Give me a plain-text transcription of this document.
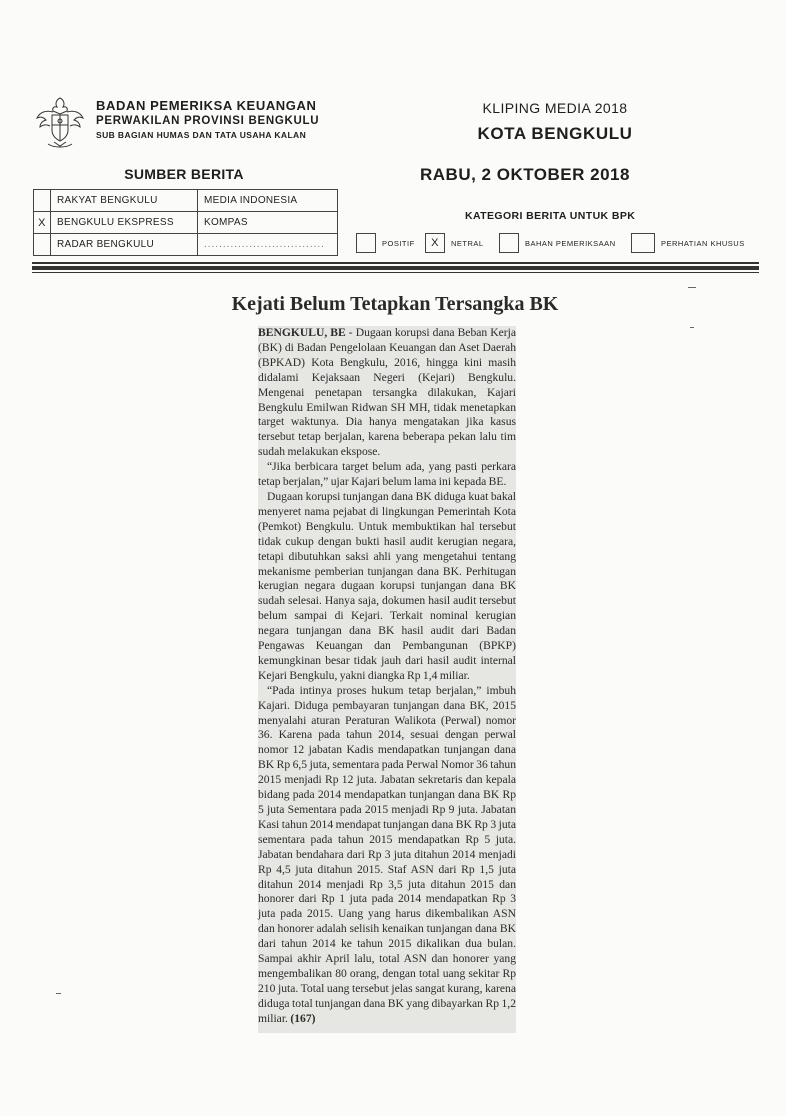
BADAN PEMERIKSA KEUANGAN
PERWAKILAN PROVINSI BENGKULU
SUB BAGIAN HUMAS DAN TATA USAHA KALAN
KLIPING MEDIA 2018
KOTA BENGKULU
SUMBER BERITA	RABU, 2 OKTOBER 2018
	RAKYAT BENGKULU	MEDIA INDONESIA
X	BENGKULU EKSPRESS	KOMPAS
	RADAR BENGKULU	................................
KATEGORI BERITA UNTUK BPK
POSITIF	X	NETRAL	BAHAN PEMERIKSAAN	PERHATIAN KHUSUS
Kejati Belum Tetapkan Tersangka BK

BENGKULU, BE - Dugaan korupsi dana Beban Kerja (BK) di Badan Pengelolaan Keuangan dan Aset Daerah (BPKAD) Kota Bengkulu, 2016, hingga kini masih didalami Kejaksaan Negeri (Kejari) Bengkulu. Mengenai penetapan tersangka dilakukan, Kajari Bengkulu Emilwan Ridwan SH MH, tidak menetapkan target waktunya. Dia hanya mengatakan jika kasus tersebut tetap berjalan, karena beberapa pekan lalu tim sudah melakukan ekspose.

“Jika berbicara target belum ada, yang pasti perkara tetap berjalan,” ujar Kajari belum lama ini kepada BE.

Dugaan korupsi tunjangan dana BK diduga kuat bakal menyeret nama pejabat di lingkungan Pemerintah Kota (Pemkot) Bengkulu. Untuk membuktikan hal tersebut tidak cukup dengan bukti hasil audit kerugian negara, tetapi dibutuhkan saksi ahli yang mengetahui tentang mekanisme pemberian tunjangan dana BK. Perhitugan kerugian negara dugaan korupsi tunjangan dana BK sudah selesai. Hanya saja, dokumen hasil audit tersebut belum sampai di Kejari. Terkait nominal kerugian negara tunjangan dana BK hasil audit dari Badan Pengawas Keuangan dan Pembangunan (BPKP) kemungkinan besar tidak jauh dari hasil audit internal Kejari Bengkulu, yakni diangka Rp 1,4 miliar.

“Pada intinya proses hukum tetap berjalan,” imbuh Kajari. Diduga pembayaran tunjangan dana BK, 2015 menyalahi aturan Peraturan Walikota (Perwal) nomor 36. Karena pada tahun 2014, sesuai dengan perwal nomor 12 jabatan Kadis mendapatkan tunjangan dana BK Rp 6,5 juta, sementara pada Perwal Nomor 36 tahun 2015 menjadi Rp 12 juta. Jabatan sekretaris dan kepala bidang pada 2014 mendapatkan tunjangan dana BK Rp 5 juta Sementara pada 2015 menjadi Rp 9 juta. Jabatan Kasi tahun 2014 mendapat tunjangan dana BK Rp 3 juta sementara pada tahun 2015 mendapatkan Rp 5 juta. Jabatan bendahara dari Rp 3 juta ditahun 2014 menjadi Rp 4,5 juta ditahun 2015. Staf ASN dari Rp 1,5 juta ditahun 2014 menjadi Rp 3,5 juta ditahun 2015 dan honorer dari Rp 1 juta pada 2014 mendapatkan Rp 3 juta pada 2015. Uang yang harus dikembalikan ASN dan honorer adalah selisih kenaikan tunjangan dana BK dari tahun 2014 ke tahun 2015 dikalikan dua bulan. Sampai akhir April lalu, total ASN dan honorer yang mengembalikan 80 orang, dengan total uang sekitar Rp 210 juta. Total uang tersebut jelas sangat kurang, karena diduga total tunjangan dana BK yang dibayarkan Rp 1,2 miliar. (167)
